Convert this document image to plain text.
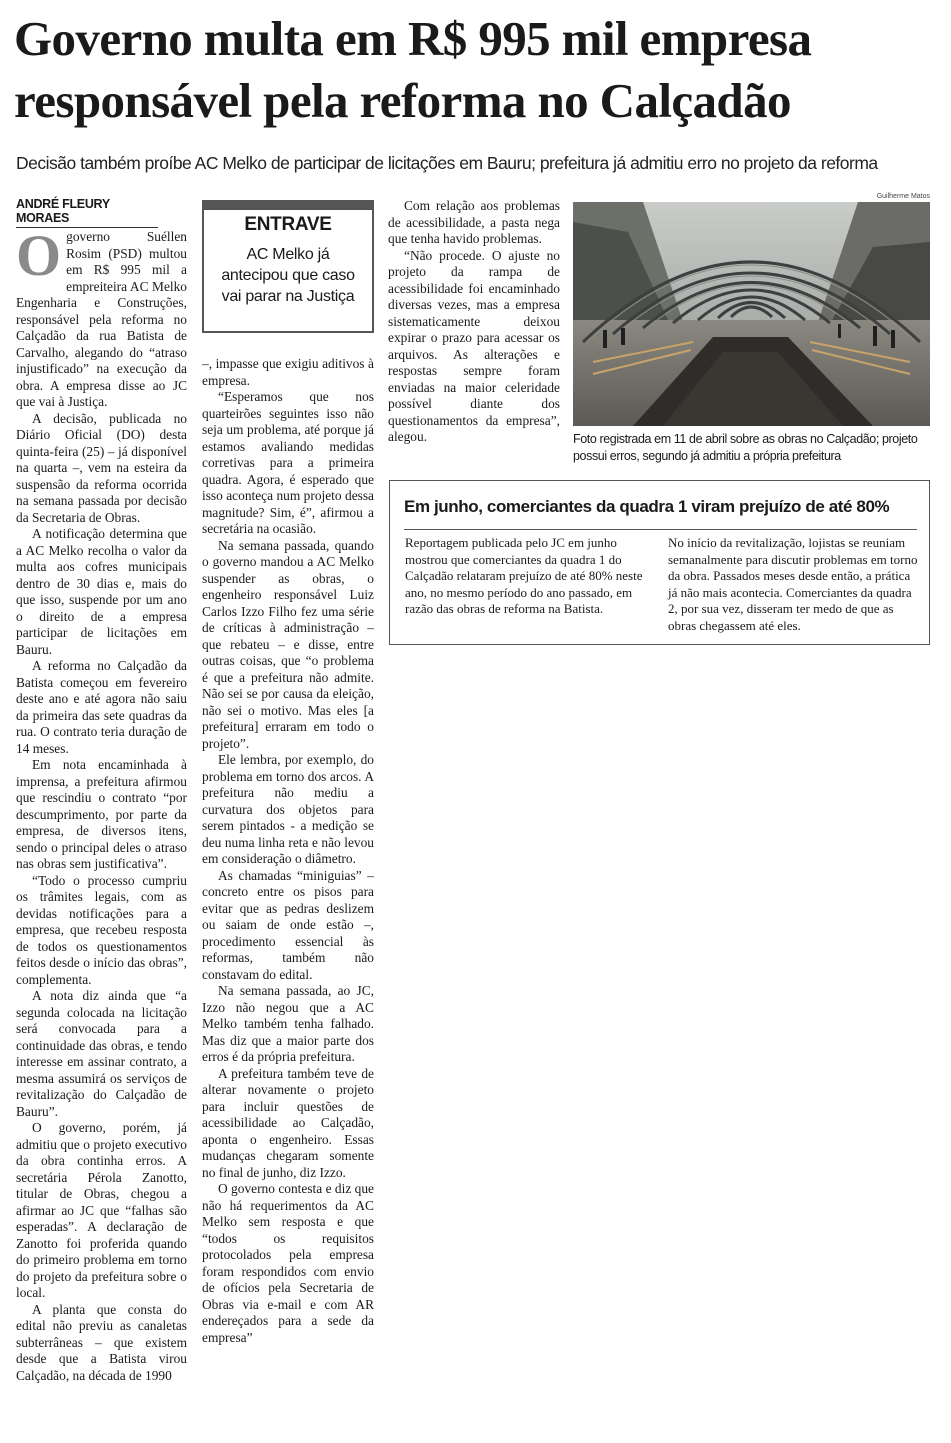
Governo multa em R$ 995 mil empresa responsável pela reforma no Calçadão

Decisão também proíbe AC Melko de participar de licitações em Bauru; prefeitura já admitiu erro no projeto da reforma

ANDRÉ FLEURY MORAES

Ogoverno Suéllen Rosim (PSD) multou em R$ 995 mil a empreiteira AC Melko Engenharia e Construções, responsável pela reforma no Calçadão da rua Batista de Carvalho, alegando do “atraso injustificado” na execução da obra. A empresa disse ao JC que vai à Justiça.

A decisão, publicada no Diário Oficial (DO) desta quinta-feira (25) – já disponível na quarta –, vem na esteira da suspensão da reforma ocorrida na semana passada por decisão da Secretaria de Obras.

A notificação determina que a AC Melko recolha o valor da multa aos cofres municipais dentro de 30 dias e, mais do que isso, suspende por um ano o direito de a empresa participar de licitações em Bauru.

A reforma no Calçadão da Batista começou em fevereiro deste ano e até agora não saiu da primeira das sete quadras da rua. O contrato teria duração de 14 meses.

Em nota encaminhada à imprensa, a prefeitura afirmou que rescindiu o contrato “por descumprimento, por parte da empresa, de diversos itens, sendo o principal deles o atraso nas obras sem justificativa”.

“Todo o processo cumpriu os trâmites legais, com as devidas notificações para a empresa, que recebeu resposta de todos os questionamentos feitos desde o início das obras”, complementa.

A nota diz ainda que “a segunda colocada na licitação será convocada para a continuidade das obras, e tendo interesse em assinar contrato, a mesma assumirá os serviços de revitalização do Calçadão de Bauru”.

O governo, porém, já admitiu que o projeto executivo da obra continha erros. A secretária Pérola Zanotto, titular de Obras, chegou a afirmar ao JC que “falhas são esperadas”. A declaração de Zanotto foi proferida quando do primeiro problema em torno do projeto da prefeitura sobre o local.

A planta que consta do edital não previu as canaletas subterrâneas – que existem desde que a Batista virou Calçadão, na década de 1990

ENTRAVE
AC Melko já antecipou que caso vai parar na Justiça

–, impasse que exigiu aditivos à empresa.

“Esperamos que nos quarteirões seguintes isso não seja um problema, até porque já estamos avaliando medidas corretivas para a primeira quadra. Agora, é esperado que isso aconteça num projeto dessa magnitude? Sim, é”, afirmou a secretária na ocasião.

Na semana passada, quando o governo mandou a AC Melko suspender as obras, o engenheiro responsável Luiz Carlos Izzo Filho fez uma série de críticas à administração – que rebateu – e disse, entre outras coisas, que “o problema é que a prefeitura não admite. Não sei se por causa da eleição, não sei o motivo. Mas eles [a prefeitura] erraram em todo o projeto”.

Ele lembra, por exemplo, do problema em torno dos arcos. A prefeitura não mediu a curvatura dos objetos para serem pintados - a medição se deu numa linha reta e não levou em consideração o diâmetro.

As chamadas “miniguias” – concreto entre os pisos para evitar que as pedras deslizem ou saiam de onde estão –, procedimento essencial às reformas, também não constavam do edital.

Na semana passada, ao JC, Izzo não negou que a AC Melko também tenha falhado. Mas diz que a maior parte dos erros é da própria prefeitura.

A prefeitura também teve de alterar novamente o projeto para incluir questões de acessibilidade ao Calçadão, aponta o engenheiro. Essas mudanças chegaram somente no final de junho, diz Izzo.

O governo contesta e diz que não há requerimentos da AC Melko sem resposta e que “todos os requisitos protocolados pela empresa foram respondidos com envio de ofícios pela Secretaria de Obras via e-mail e com AR endereçados para a sede da empresa”

Com relação aos problemas de acessibilidade, a pasta nega que tenha havido problemas.

“Não procede. O ajuste no projeto da rampa de acessibilidade foi encaminhado diversas vezes, mas a empresa sistematicamente deixou expirar o prazo para acessar os arquivos. As alterações e respostas sempre foram enviadas na maior celeridade possível diante dos questionamentos da empresa”, alegou.

Guilherme Matos

Foto registrada em 11 de abril sobre as obras no Calçadão; projeto possui erros, segundo já admitiu a própria prefeitura

Em junho, comerciantes da quadra 1 viram prejuízo de até 80%

Reportagem publicada pelo JC em junho mostrou que comerciantes da quadra 1 do Calçadão relataram prejuízo de até 80% neste ano, no mesmo período do ano passado, em razão das obras de reforma na Batista.

No início da revitalização, lojistas se reuniam semanalmente para discutir problemas em torno da obra. Passados meses desde então, a prática já não mais acontecia. Comerciantes da quadra 2, por sua vez, disseram ter medo de que as obras chegassem até eles.
